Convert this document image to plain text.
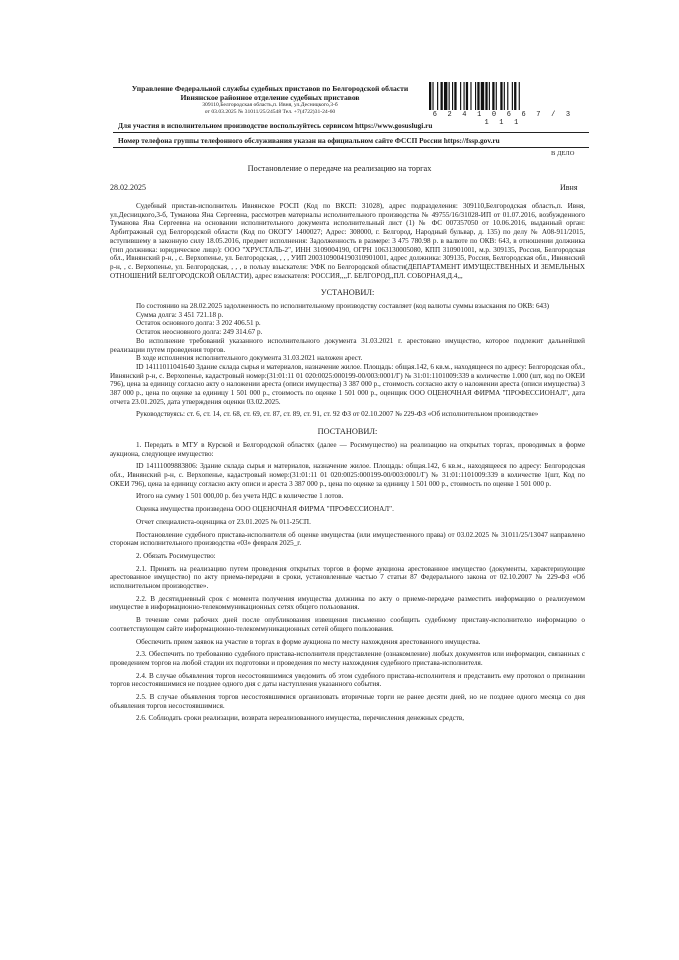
Управление Федеральной службы судебных приставов по Белгородской области
Ивнянское районное отделение судебных приставов
309110,Белгородская область,п. Ивня, ул.Десницкого,3-б
от 03.03.2025 № 31011/25/24548 Тел. +7(4722)31-24-60	6 2 4 1 0 6 6 7 / 3 1 1 1
Для участия в исполнительном производстве воспользуйтесь сервисом https://www.gosuslugi.ru
Номер телефона группы телефонного обслуживания указан на официальном сайте ФССП России https://fssp.gov.ru
В ДЕЛО
Постановление о передаче на реализацию на торгах
28.02.2025	Ивня

Судебный пристав-исполнитель Ивнянское РОСП (Код по ВКСП: 31028), адрес подразделения: 309110,Белгородская область,п. Ивня, ул.Десницкого,3-б, Туманова Яна Сергеевна, рассмотрев материалы исполнительного производства № 49755/16/31028-ИП от 01.07.2016, возбужденного Туманова Яна Сергеевна на основании исполнительного документа исполнительный лист (1) № ФС 007357050 от 10.06.2016, выданный орган: Арбитражный суд Белгородской области (Код по ОКОГУ 1400027; Адрес: 308000, г. Белгород, Народный бульвар, д. 135) по делу № А08-911/2015, вступившему в законную силу 18.05.2016, предмет исполнения: Задолженность в размере: 3 475 780.98 р. в валюте по ОКВ: 643, в отношении должника (тип должника: юридическое лицо): ООО "ХРУСТАЛЬ-2", ИНН 3109004190, ОГРН 1063130005080, КПП 310901001, м.р. 309135, Россия, Белгородская обл., Ивнянский р-н, , с. Верхопенье, ул. Белгородская, , , , УИП 20031090041903109010​01, адрес должника: 309135, Россия, Белгородская обл., Ивнянский р-н, , с. Верхопенье, ул. Белгородская, , , , в пользу взыскателя: УФК по Белгородской области(ДЕПАРТАМЕНТ ИМУЩЕСТВЕННЫХ И ЗЕМЕЛЬНЫХ ОТНОШЕНИЙ БЕЛГОРОДСКОЙ ОБЛАСТИ), адрес взыскателя: РОССИЯ,,,,Г. БЕЛГОРОД,,ПЛ. СОБОРНАЯ,Д.4,,,

УСТАНОВИЛ:

По состоянию на 28.02.2025 задолженность по исполнительному производству составляет (код валюты суммы взыскания по ОКВ: 643)

Сумма долга: 3 451 721.18 р.

Остаток основного долга: 3 202 406.51 р.

Остаток неосновного долга: 249 314.67 р.

Во исполнение требований указанного исполнительного документа 31.03.2021 г. арестовано имущество, которое подлежит дальнейшей реализации путем проведения торгов.

В ходе исполнения исполнительного документа 31.03.2021 наложен арест.

ID 14111011041640 Здание склада сырья и материалов, назначение жилое. Площадь: общая.142, 6 кв.м., находящееся по адресу: Белгородская обл., Ивнянский р-н, с. Верхопенье, кадастровый номер:(31:01:11 01 020:0025:000199-00/003:0001/Г) № 31:01:1101009:339 в количестве 1.000 (шт, код по ОКЕИ 796), цена за единицу согласно акту о наложении ареста (описи имущества) 3 387 000 р., стоимость согласно акту о наложении ареста (описи имущества) 3 387 000 р., цена по оценке за единицу 1 501 000 р., стоимость по оценке 1 501 000 р., оценщик ООО ОЦЕНОЧНАЯ ФИРМА "ПРОФЕССИОНАЛ", дата отчета 23.01.2025, дата утверждения оценки 03.02.2025.

Руководствуясь: ст. 6, ст. 14, ст. 68, ст. 69, ст. 87, ст. 89, ст. 91, ст. 92 ФЗ от 02.10.2007 № 229-ФЗ «Об исполнительном производстве»

ПОСТАНОВИЛ:

1. Передать в МТУ в Курской и Белгородской областях (далее — Росимущество) на реализацию на открытых торгах, проводимых в форме аукциона, следующее имущество:

ID 14111009883806: Здание склада сырья и материалов, назначение жилое. Площадь: общая.142, 6 кв.м., находящееся по адресу: Белгородская обл., Ивнянский р-н, с. Верхопенье, кадастровый номер:(31:01:11 01 020:0025:000199-00/003:0001/Г) № 31:01:1101009:339 в количестве 1(шт, Код по ОКЕИ 796), цена за единицу согласно акту описи и ареста 3 387 000 р., цена по оценке за единицу 1 501 000 р., стоимость по оценке 1 501 000 р.

Итого на сумму 1 501 000,00 р. без учета НДС в количестве 1 лотов.

Оценка имущества произведена ООО ОЦЕНОЧНАЯ ФИРМА "ПРОФЕССИОНАЛ".

Отчет специалиста-оценщика от 23.01.2025 № 011-25СП.

Постановление судебного пристава-исполнителя об оценке имущества (или имущественного права) от 03.02.2025 № 31011/25/13047 направлено сторонам исполнительного производства «03» февраля 2025_г.

2. Обязать Росимущество:

2.1. Принять на реализацию путем проведения открытых торгов в форме аукциона арестованное имущество (документы, характеризующие арестованное имущество) по акту приема-передачи в сроки, установленные частью 7 статьи 87 Федерального закона от 02.10.2007 № 229-ФЗ «Об исполнительном производстве».

2.2. В десятидневный срок с момента получения имущества должника по акту о приеме-передаче разместить информацию о реализуемом имуществе в информационно-телекоммуникационных сетях общего пользования.

В течение семи рабочих дней после опубликования извещения письменно сообщить судебному приставу-исполнителю информацию о соответствующем сайте информационно-телекоммуникационных сетей общего пользования.

Обеспечить прием заявок на участие в торгах в форме аукциона по месту нахождения арестованного имущества.

2.3. Обеспечить по требованию судебного пристава-исполнителя представление (ознакомление) любых документов или информации, связанных с проведением торгов на любой стадии их подготовки и проведения по месту нахождения судебного пристава-исполнителя.

2.4. В случае объявления торгов несостоявшимися уведомить об этом судебного пристава-исполнителя и представить ему протокол о признании торгов несостоявшимися не позднее одного дня с даты наступления указанного события.

2.5. В случае объявления торгов несостоявшимися организовать вторичные торги не ранее десяти дней, но не позднее одного месяца со дня объявления торгов несостоявшимися.

2.6. Соблюдать сроки реализации, возврата нереализованного имущества, перечисления денежных средств,
